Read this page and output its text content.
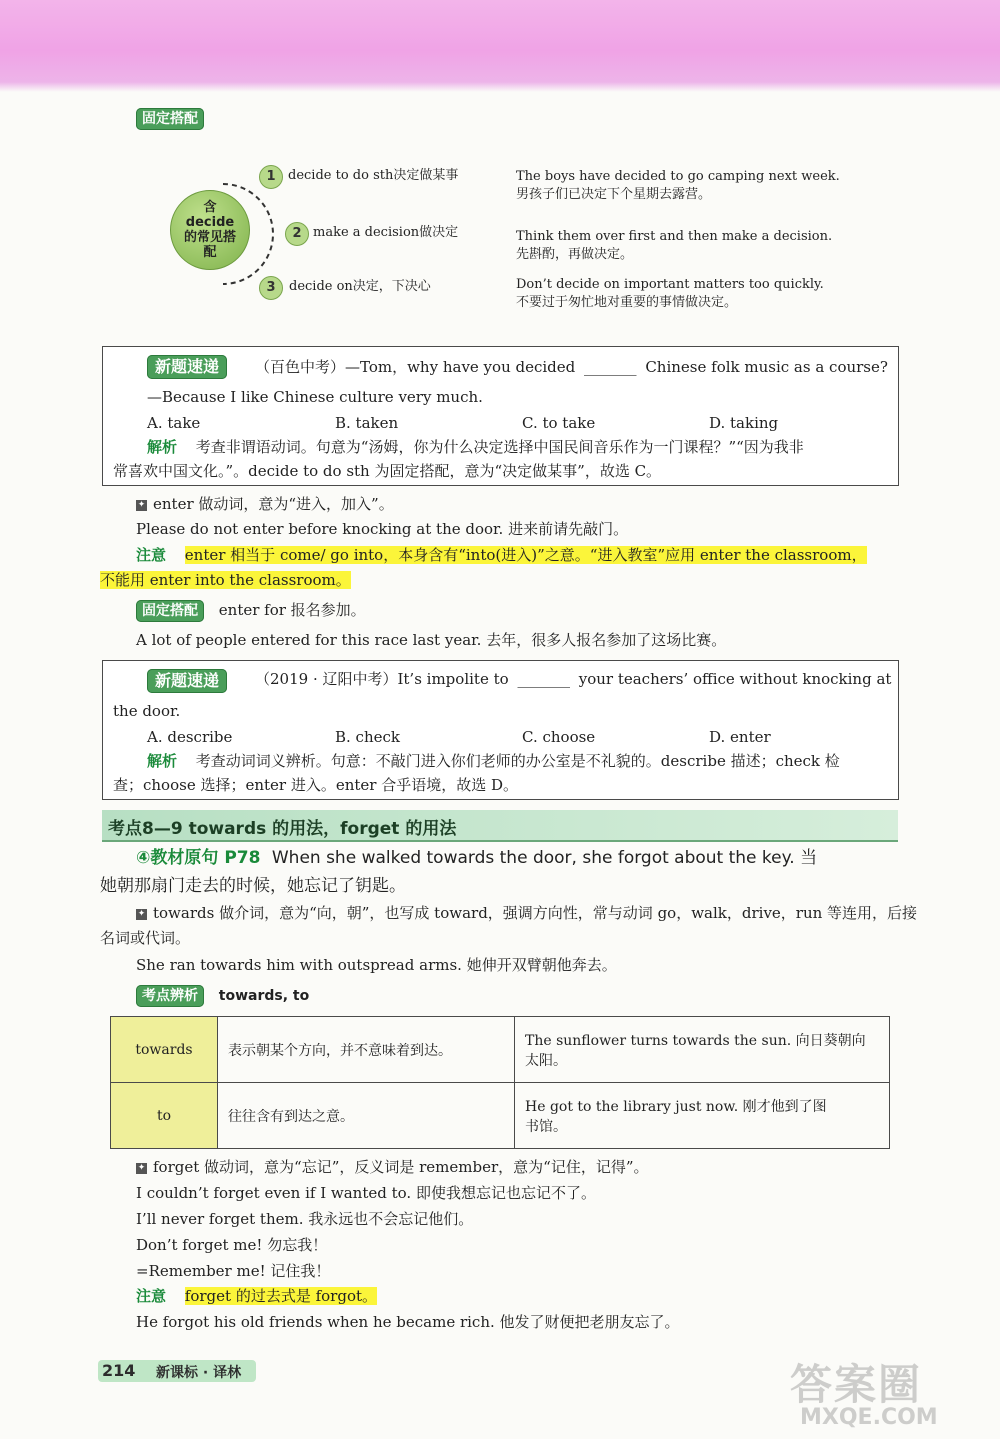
固定搭配
含decide的常见搭配
1 decide to do sth决定做某事
2 make a decision做决定
3	decide on决定，下决心
The boys have decided to go camping next week.
男孩子们已决定下个星期去露营。
Think them over first and then make a decision.
先斟酌，再做决定。
Don’t decide on important matters too quickly.
不要过于匆忙地对重要的事情做决定。
新题速递	（百色中考）—Tom，why have you decided _______ Chinese folk music as a course?
—Because I like Chinese culture very much.
A. take	B. taken	C. to take	D. taking
解析 考查非谓语动词。句意为“汤姆，你为什么决定选择中国民间音乐作为一门课程？”“因为我非
常喜欢中国文化。”。decide to do sth 为固定搭配，意为“决定做某事”，故选 C。
✦ enter 做动词，意为“进入，加入”。
Please do not enter before knocking at the door. 进来前请先敲门。
注意 enter 相当于 come/ go into，本身含有“into(进入)”之意。“进入教室”应用 enter the classroom，
不能用 enter into the classroom。
固定搭配 enter for 报名参加。
A lot of people entered for this race last year. 去年，很多人报名参加了这场比赛。
新题速递	（2019 · 辽阳中考）It’s impolite to _______ your teachers’ office without knocking at
the door.
A. describe	B. check	C. choose	D. enter
解析 考查动词词义辨析。句意：不敲门进入你们老师的办公室是不礼貌的。describe 描述；check 检
查；choose 选择；enter 进入。enter 合乎语境，故选 D。
考点8—9 towards 的用法，forget 的用法
④教材原句 P78 When she walked towards the door, she forgot about the key. 当
她朝那扇门走去的时候，她忘记了钥匙。
✦ towards 做介词，意为“向，朝”，也写成 toward，强调方向性，常与动词 go，walk，drive，run 等连用，后接
名词或代词。
She ran towards him with outspread arms. 她伸开双臂朝他奔去。
考点辨析 towards, to
towards	表示朝某个方向，并不意味着到达。	The sunflower turns towards the sun. 向日葵朝向
太阳。

to	往往含有到达之意。	He got to the library just now. 刚才他到了图
书馆。
✦ forget 做动词，意为“忘记”，反义词是 remember，意为“记住，记得”。
I couldn’t forget even if I wanted to. 即使我想忘记也忘记不了。
I’ll never forget them. 我永远也不会忘记他们。
Don’t forget me! 勿忘我！
=Remember me! 记住我！
注意 forget 的过去式是 forgot。
He forgot his old friends when he became rich. 他发了财便把老朋友忘了。
214 新课标 · 译林	答案圈
MXQE.COM
